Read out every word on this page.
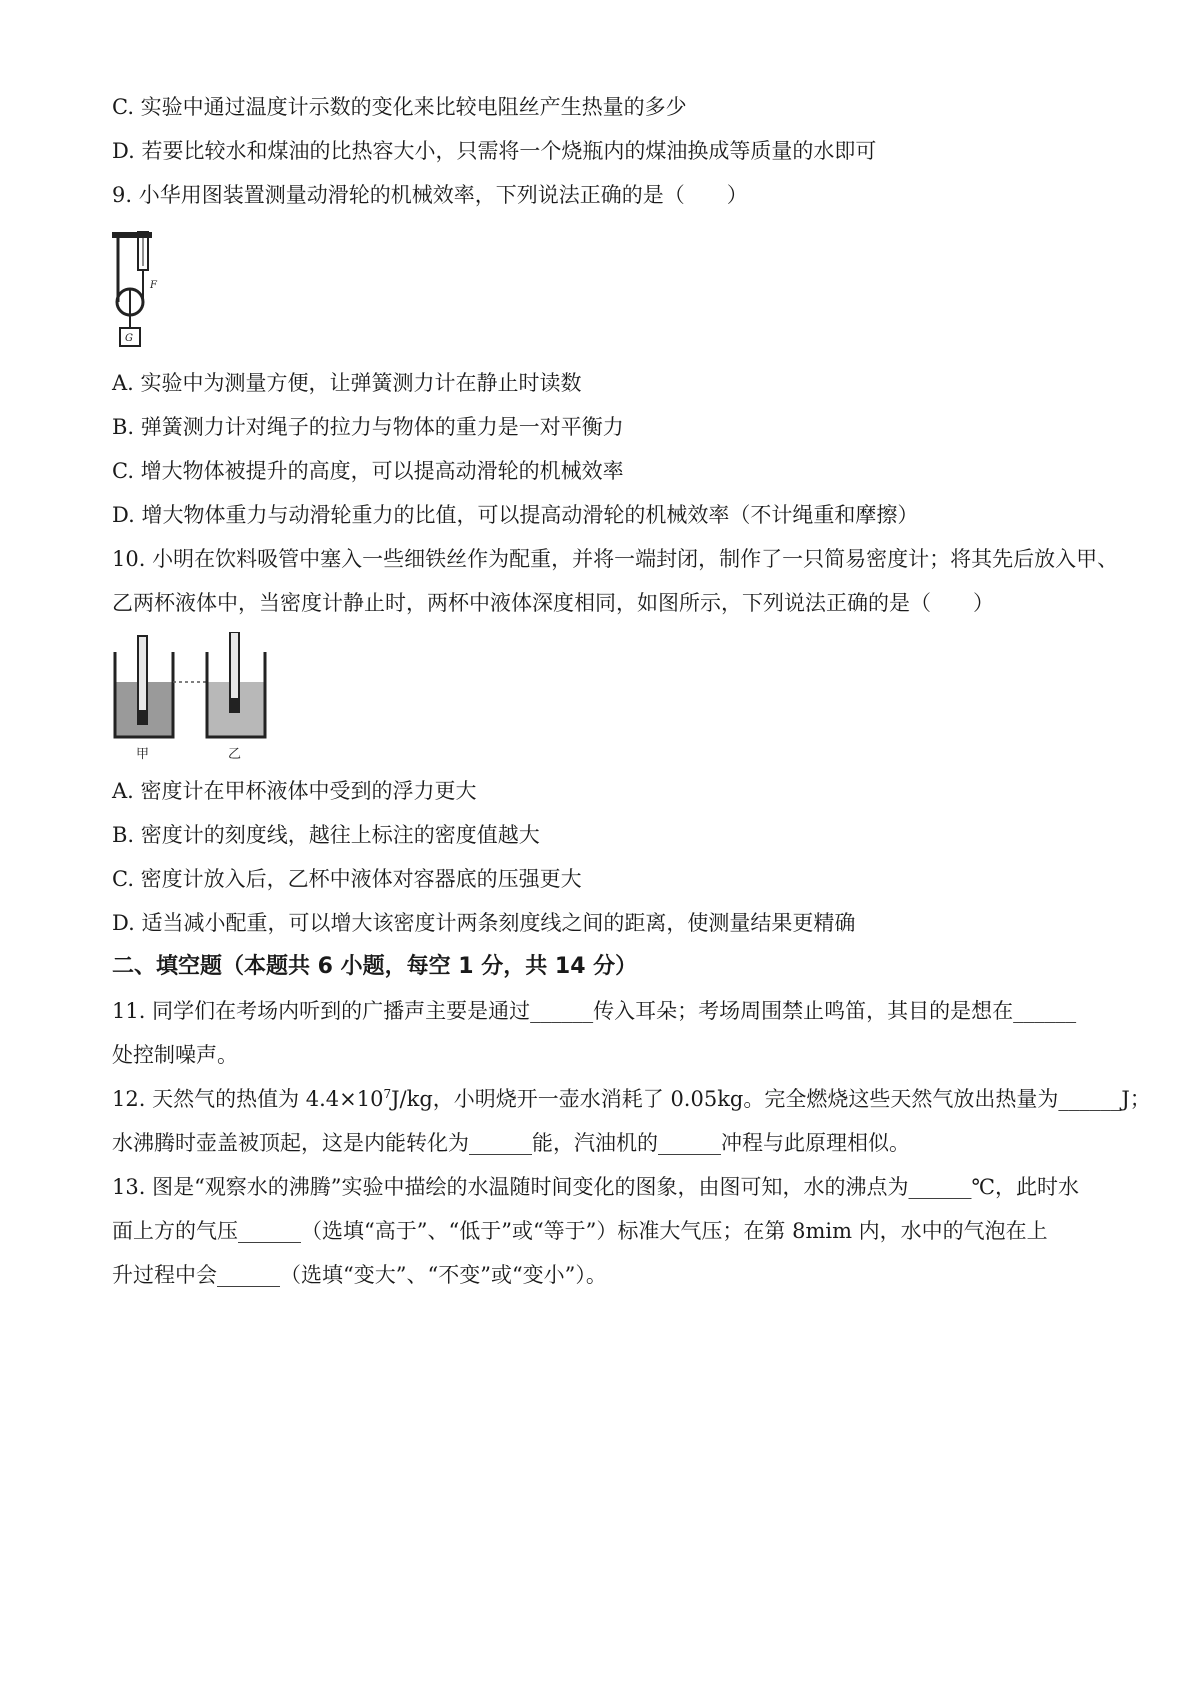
C. 实验中通过温度计示数的变化来比较电阻丝产生热量的多少
D. 若要比较水和煤油的比热容大小，只需将一个烧瓶内的煤油换成等质量的水即可
9. 小华用图装置测量动滑轮的机械效率，下列说法正确的是（　　）
F
G
A. 实验中为测量方便，让弹簧测力计在静止时读数
B. 弹簧测力计对绳子的拉力与物体的重力是一对平衡力
C. 增大物体被提升的高度，可以提高动滑轮的机械效率
D. 增大物体重力与动滑轮重力的比值，可以提高动滑轮的机械效率（不计绳重和摩擦）
10. 小明在饮料吸管中塞入一些细铁丝作为配重，并将一端封闭，制作了一只简易密度计；将其先后放入甲、
乙两杯液体中，当密度计静止时，两杯中液体深度相同，如图所示，下列说法正确的是（　　）
甲	乙
A. 密度计在甲杯液体中受到的浮力更大
B. 密度计的刻度线，越往上标注的密度值越大
C. 密度计放入后，乙杯中液体对容器底的压强更大
D. 适当减小配重，可以增大该密度计两条刻度线之间的距离，使测量结果更精确
二、填空题（本题共 6 小题，每空 1 分，共 14 分）
11. 同学们在考场内听到的广播声主要是通过______传入耳朵；考场周围禁止鸣笛，其目的是想在______
处控制噪声。
12. 天然气的热值为 $4.4\times 10^7J/kg$，小明烧开一壶水消耗了 0.05kg。完全燃烧这些天然气放出热量为______J；
水沸腾时壶盖被顶起，这是内能转化为______能，汽油机的______冲程与此原理相似。
13. 图是“观察水的沸腾”实验中描绘的水温随时间变化的图象，由图可知，水的沸点为______℃，此时水
面上方的气压______（选填“高于”、“低于”或“等于”）标准大气压；在第 8mim 内，水中的气泡在上
升过程中会______（选填“变大”、“不变”或“变小”）。
